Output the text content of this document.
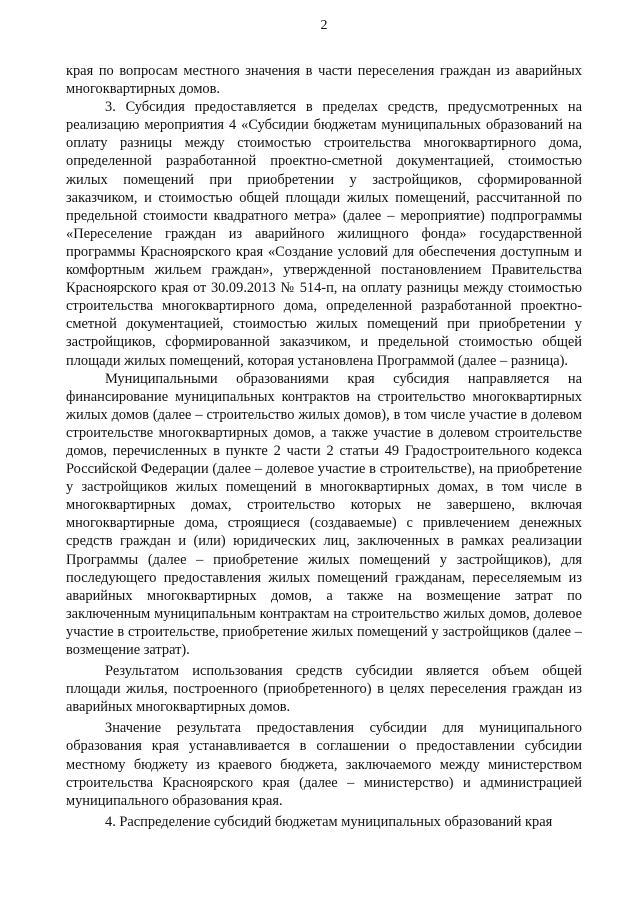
2

края по вопросам местного значения в части переселения граждан из аварийных многоквартирных домов.

3. Субсидия предоставляется в пределах средств, предусмотренных на реализацию мероприятия 4 «Субсидии бюджетам муниципальных образований на оплату разницы между стоимостью строительства многоквартирного дома, определенной разработанной проектно-сметной документацией, стоимостью жилых помещений при приобретении у застройщиков, сформированной заказчиком, и стоимостью общей площади жилых помещений, рассчитанной по предельной стоимости квадратного метра» (далее – мероприятие) подпрограммы «Переселение граждан из аварийного жилищного фонда» государственной программы Красноярского края «Создание условий для обеспечения доступным и комфортным жильем граждан», утвержденной постановлением Правительства Красноярского края от 30.09.2013 № 514-п, на оплату разницы между стоимостью строительства многоквартирного дома, определенной разработанной проектно-сметной документацией, стоимостью жилых помещений при приобретении у застройщиков, сформированной заказчиком, и предельной стоимостью общей площади жилых помещений, которая установлена Программой (далее – разница).

Муниципальными образованиями края субсидия направляется на финансирование муниципальных контрактов на строительство многоквартирных жилых домов (далее – строительство жилых домов), в том числе участие в долевом строительстве многоквартирных домов, а также участие в долевом строительстве домов, перечисленных в пункте 2 части 2 статьи 49 Градостроительного кодекса Российской Федерации (далее – долевое участие в строительстве), на приобретение у застройщиков жилых помещений в многоквартирных домах, в том числе в многоквартирных домах, строительство которых не завершено, включая многоквартирные дома, строящиеся (создаваемые) с привлечением денежных средств граждан и (или) юридических лиц, заключенных в рамках реализации Программы (далее – приобретение жилых помещений у застройщиков), для последующего предоставления жилых помещений гражданам, переселяемым из аварийных многоквартирных домов, а также на возмещение затрат по заключенным муниципальным контрактам на строительство жилых домов, долевое участие в строительстве, приобретение жилых помещений у застройщиков (далее – возмещение затрат).

Результатом использования средств субсидии является объем общей площади жилья, построенного (приобретенного) в целях переселения граждан из аварийных многоквартирных домов.

Значение результата предоставления субсидии для муниципального образования края устанавливается в соглашении о предоставлении субсидии местному бюджету из краевого бюджета, заключаемого между министерством строительства Красноярского края (далее – министерство) и администрацией муниципального образования края.

4. Распределение субсидий бюджетам муниципальных образований края
